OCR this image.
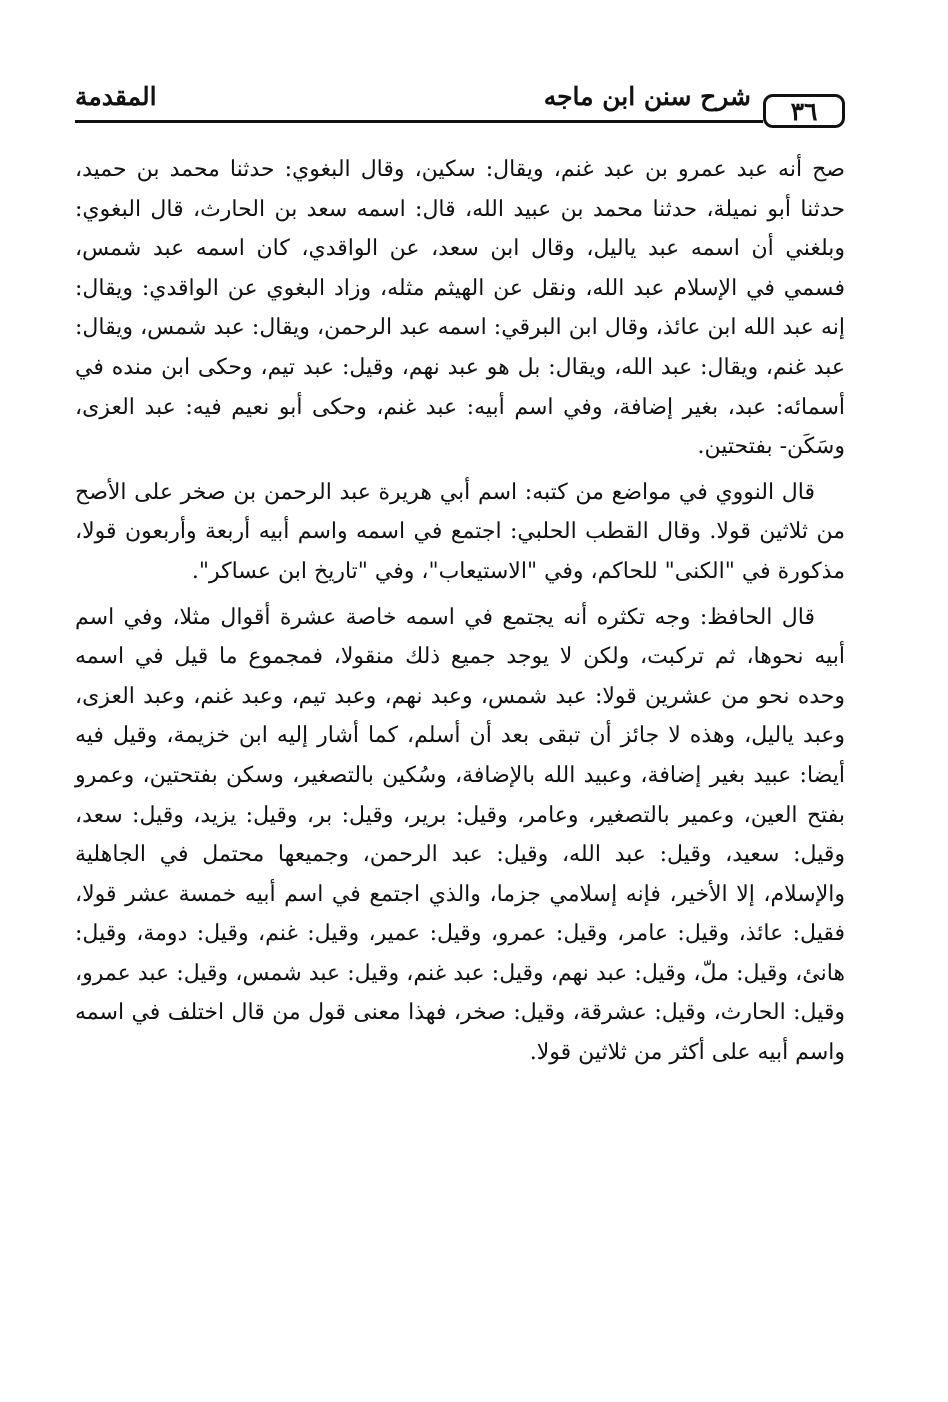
٣٦
شرح سنن ابن ماجه
المقدمة

صح أنه عبد عمرو بن عبد غنم، ويقال: سكين، وقال البغوي: حدثنا محمد بن حميد، حدثنا أبو نميلة، حدثنا محمد بن عبيد الله، قال: اسمه سعد بن الحارث، قال البغوي: وبلغني أن اسمه عبد ياليل، وقال ابن سعد، عن الواقدي، كان اسمه عبد شمس، فسمي في الإسلام عبد الله، ونقل عن الهيثم مثله، وزاد البغوي عن الواقدي: ويقال: إنه عبد الله ابن عائذ، وقال ابن البرقي: اسمه عبد الرحمن، ويقال: عبد شمس، ويقال: عبد غنم، ويقال: عبد الله، ويقال: بل هو عبد نهم، وقيل: عبد تيم، وحكى ابن منده في أسمائه: عبد، بغير إضافة، وفي اسم أبيه: عبد غنم، وحكى أبو نعيم فيه: عبد العزى، وسَكَن- بفتحتين.

قال النووي في مواضع من كتبه: اسم أبي هريرة عبد الرحمن بن صخر على الأصح من ثلاثين قولا. وقال القطب الحلبي: اجتمع في اسمه واسم أبيه أربعة وأربعون قولا، مذكورة في "الكنى" للحاكم، وفي "الاستيعاب"، وفي "تاريخ ابن عساكر".

قال الحافظ: وجه تكثره أنه يجتمع في اسمه خاصة عشرة أقوال مثلا، وفي اسم أبيه نحوها، ثم تركبت، ولكن لا يوجد جميع ذلك منقولا، فمجموع ما قيل في اسمه وحده نحو من عشرين قولا: عبد شمس، وعبد نهم، وعبد تيم، وعبد غنم، وعبد العزى، وعبد ياليل، وهذه لا جائز أن تبقى بعد أن أسلم، كما أشار إليه ابن خزيمة، وقيل فيه أيضا: عبيد بغير إضافة، وعبيد الله بالإضافة، وسُكين بالتصغير، وسكن بفتحتين، وعمرو بفتح العين، وعمير بالتصغير، وعامر، وقيل: برير، وقيل: بر، وقيل: يزيد، وقيل: سعد، وقيل: سعيد، وقيل: عبد الله، وقيل: عبد الرحمن، وجميعها محتمل في الجاهلية والإسلام، إلا الأخير، فإنه إسلامي جزما، والذي اجتمع في اسم أبيه خمسة عشر قولا، فقيل: عائذ، وقيل: عامر، وقيل: عمرو، وقيل: عمير، وقيل: غنم، وقيل: دومة، وقيل: هانئ، وقيل: ملّ، وقيل: عبد نهم، وقيل: عبد غنم، وقيل: عبد شمس، وقيل: عبد عمرو، وقيل: الحارث، وقيل: عشرقة، وقيل: صخر، فهذا معنى قول من قال اختلف في اسمه واسم أبيه على أكثر من ثلاثين قولا.
